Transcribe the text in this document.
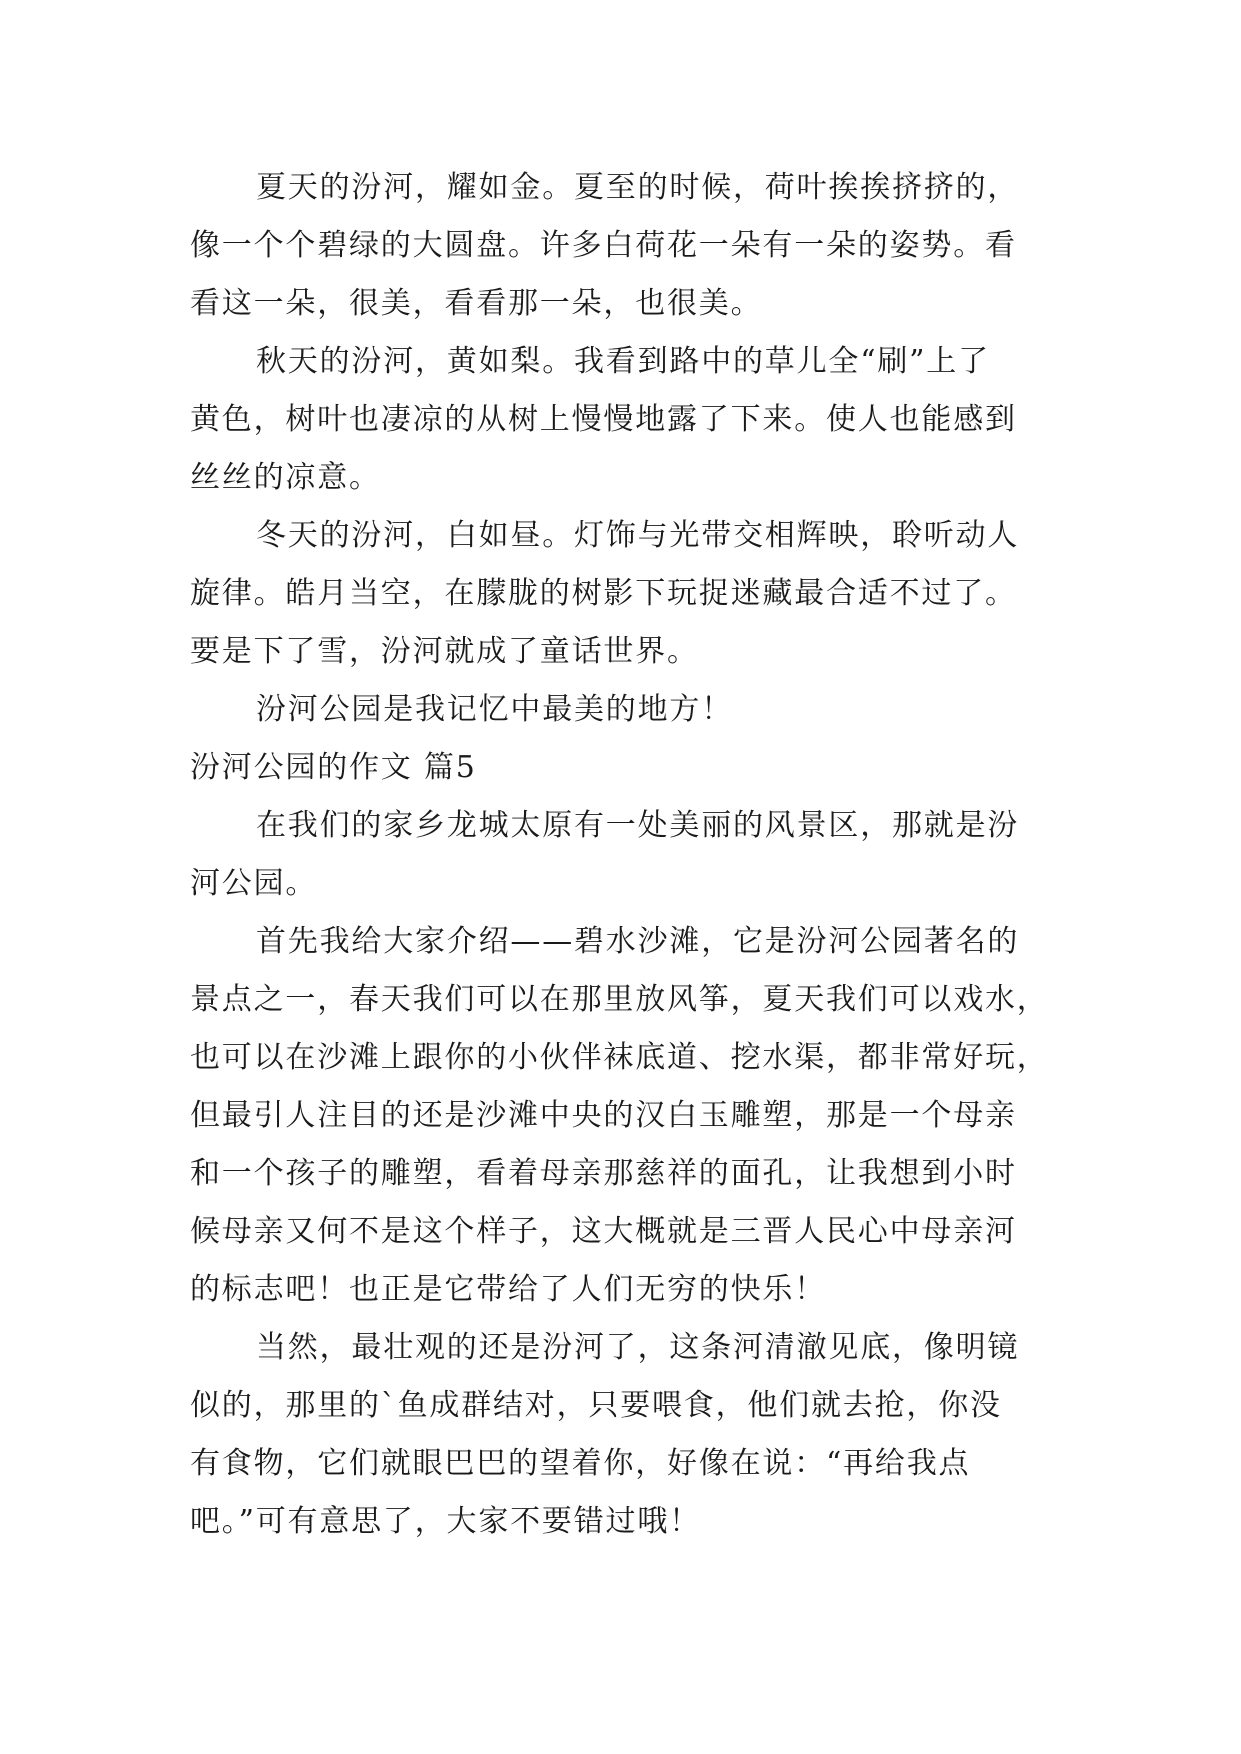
夏天的汾河，耀如金。夏至的时候，荷叶挨挨挤挤的，

像一个个碧绿的大圆盘。许多白荷花一朵有一朵的姿势。看

看这一朵，很美，看看那一朵，也很美。

秋天的汾河，黄如梨。我看到路中的草儿全“刷”上了

黄色，树叶也凄凉的从树上慢慢地露了下来。使人也能感到

丝丝的凉意。

冬天的汾河，白如昼。灯饰与光带交相辉映，聆听动人

旋律。皓月当空，在朦胧的树影下玩捉迷藏最合适不过了。

要是下了雪，汾河就成了童话世界。

汾河公园是我记忆中最美的地方！

汾河公园的作文 篇5

在我们的家乡龙城太原有一处美丽的风景区，那就是汾

河公园。

首先我给大家介绍——碧水沙滩，它是汾河公园著名的

景点之一，春天我们可以在那里放风筝，夏天我们可以戏水，

也可以在沙滩上跟你的小伙伴袜底道、挖水渠，都非常好玩，

但最引人注目的还是沙滩中央的汉白玉雕塑，那是一个母亲

和一个孩子的雕塑，看着母亲那慈祥的面孔，让我想到小时

候母亲又何不是这个样子，这大概就是三晋人民心中母亲河

的标志吧！也正是它带给了人们无穷的快乐！

当然，最壮观的还是汾河了，这条河清澈见底，像明镜

似的，那里的`鱼成群结对，只要喂食，他们就去抢，你没

有食物，它们就眼巴巴的望着你，好像在说：“再给我点

吧。”可有意思了，大家不要错过哦！
